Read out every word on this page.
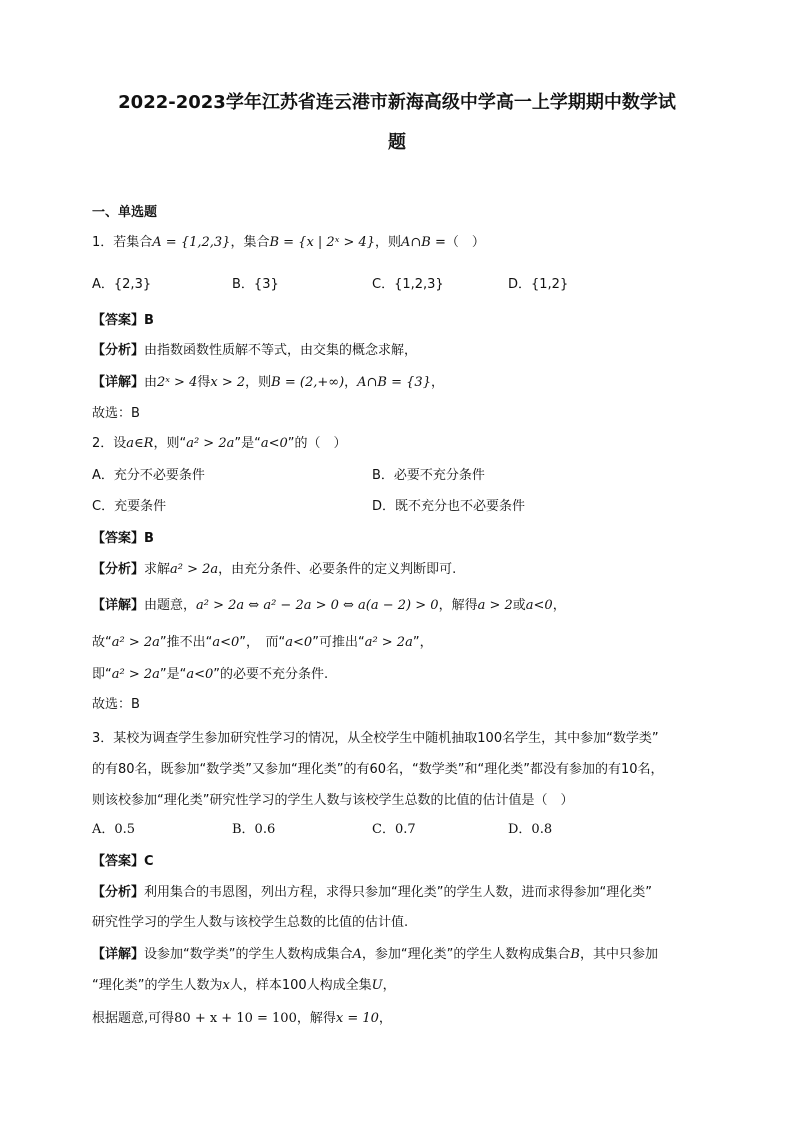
2022-2023学年江苏省连云港市新海高级中学高一上学期期中数学试
题
一、单选题
1．若集合A = {1,2,3}，集合B = {x | 2ˣ > 4}，则A∩B =（　）
A．{2,3}	B．{3}	C．{1,2,3}	D．{1,2}
【答案】B
【分析】由指数函数性质解不等式，由交集的概念求解，
【详解】由2ˣ > 4得x > 2，则B = (2,+∞)，A∩B = {3}，
故选：B
2．设a∈R，则“a² > 2a”是“a<0”的（　）
A．充分不必要条件	B．必要不充分条件
C．充要条件	D．既不充分也不必要条件
【答案】B
【分析】求解a² > 2a，由充分条件、必要条件的定义判断即可.
【详解】由题意，a² > 2a ⇔ a² − 2a > 0 ⇔ a(a − 2) > 0，解得a > 2或a<0，
故“a² > 2a”推不出“a<0”，　而“a<0”可推出“a² > 2a”，
即“a² > 2a”是“a<0”的必要不充分条件.
故选：B
3．某校为调查学生参加研究性学习的情况，从全校学生中随机抽取100名学生，其中参加“数学类”
的有80名，既参加“数学类”又参加“理化类”的有60名，“数学类”和“理化类”都没有参加的有10名，
则该校参加“理化类”研究性学习的学生人数与该校学生总数的比值的估计值是（　）
A．0.5	B．0.6	C．0.7	D．0.8
【答案】C
【分析】利用集合的韦恩图，列出方程，求得只参加“理化类”的学生人数，进而求得参加“理化类”
研究性学习的学生人数与该校学生总数的比值的估计值.
【详解】设参加“数学类”的学生人数构成集合A，参加“理化类”的学生人数构成集合B，其中只参加
“理化类”的学生人数为x人，样本100人构成全集U，
根据题意,可得80 + x + 10 = 100，解得x = 10，
